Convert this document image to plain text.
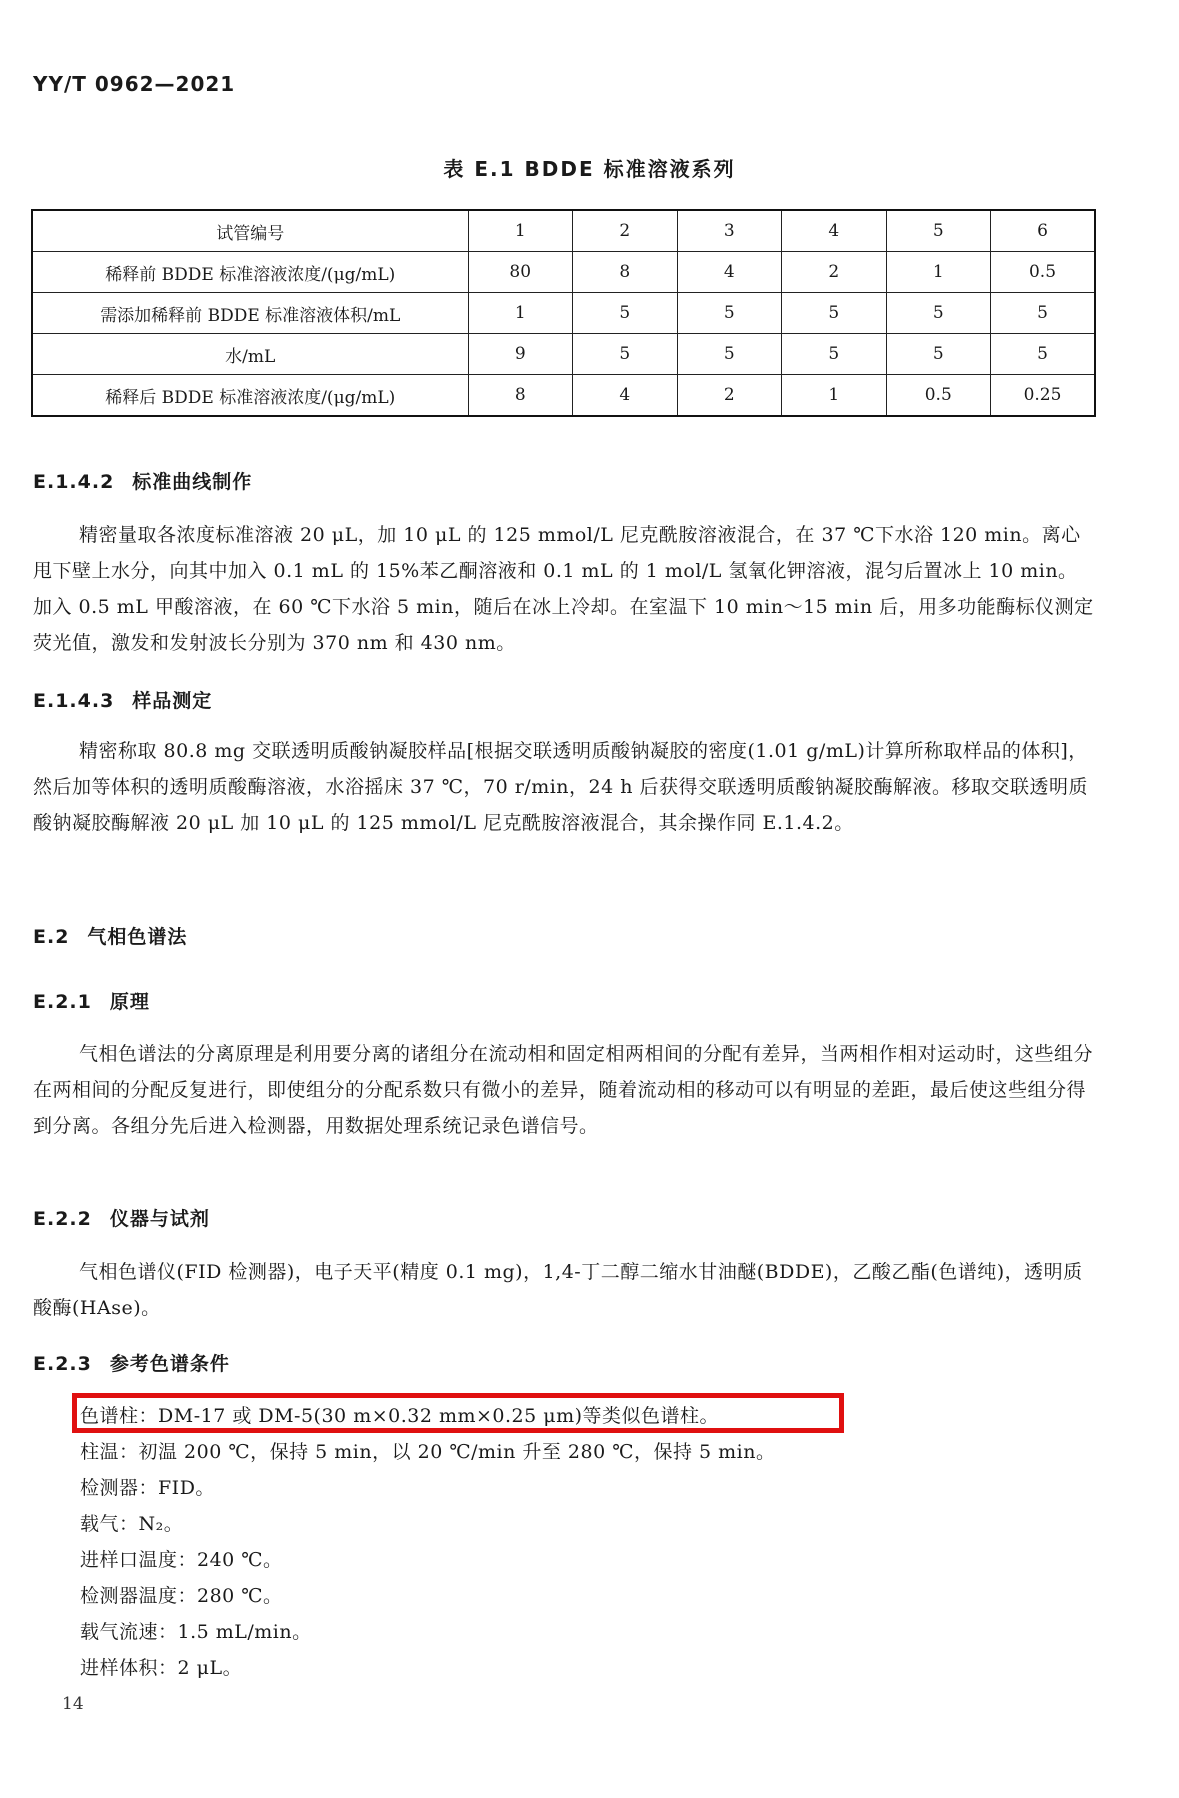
YY/T 0962—2021
表 E.1 BDDE 标准溶液系列
试管编号	1	2	3	4	5	6
稀释前 BDDE 标准溶液浓度/(μg/mL)	80	8	4	2	1	0.5
需添加稀释前 BDDE 标准溶液体积/mL	1	5	5	5	5	5
水/mL	9	5	5	5	5	5
稀释后 BDDE 标准溶液浓度/(μg/mL)	8	4	2	1	0.5	0.25
E.1.4.2 标准曲线制作

精密量取各浓度标准溶液 20 μL，加 10 μL 的 125 mmol/L 尼克酰胺溶液混合，在 37 ℃下水浴 120 min。离心甩下壁上水分，向其中加入 0.1 mL 的 15%苯乙酮溶液和 0.1 mL 的 1 mol/L 氢氧化钾溶液，混匀后置冰上 10 min。加入 0.5 mL 甲酸溶液，在 60 ℃下水浴 5 min，随后在冰上冷却。在室温下 10 min～15 min 后，用多功能酶标仪测定荧光值，激发和发射波长分别为 370 nm 和 430 nm。

E.1.4.3 样品测定

精密称取 80.8 mg 交联透明质酸钠凝胶样品[根据交联透明质酸钠凝胶的密度(1.01 g/mL)计算所称取样品的体积]，然后加等体积的透明质酸酶溶液，水浴摇床 37 ℃，70 r/min，24 h 后获得交联透明质酸钠凝胶酶解液。移取交联透明质酸钠凝胶酶解液 20 μL 加 10 μL 的 125 mmol/L 尼克酰胺溶液混合，其余操作同 E.1.4.2。

E.2 气相色谱法
E.2.1 原理

气相色谱法的分离原理是利用要分离的诸组分在流动相和固定相两相间的分配有差异，当两相作相对运动时，这些组分在两相间的分配反复进行，即使组分的分配系数只有微小的差异，随着流动相的移动可以有明显的差距，最后使这些组分得到分离。各组分先后进入检测器，用数据处理系统记录色谱信号。

E.2.2 仪器与试剂

气相色谱仪(FID 检测器)，电子天平(精度 0.1 mg)，1,4-丁二醇二缩水甘油醚(BDDE)，乙酸乙酯(色谱纯)，透明质酸酶(HAse)。

E.2.3 参考色谱条件
色谱柱：DM-17 或 DM-5(30 m×0.32 mm×0.25 μm)等类似色谱柱。
柱温：初温 200 ℃，保持 5 min，以 20 ℃/min 升至 280 ℃，保持 5 min。
检测器：FID。
载气：N₂。
进样口温度：240 ℃。
检测器温度：280 ℃。
载气流速：1.5 mL/min。
进样体积：2 μL。
14
